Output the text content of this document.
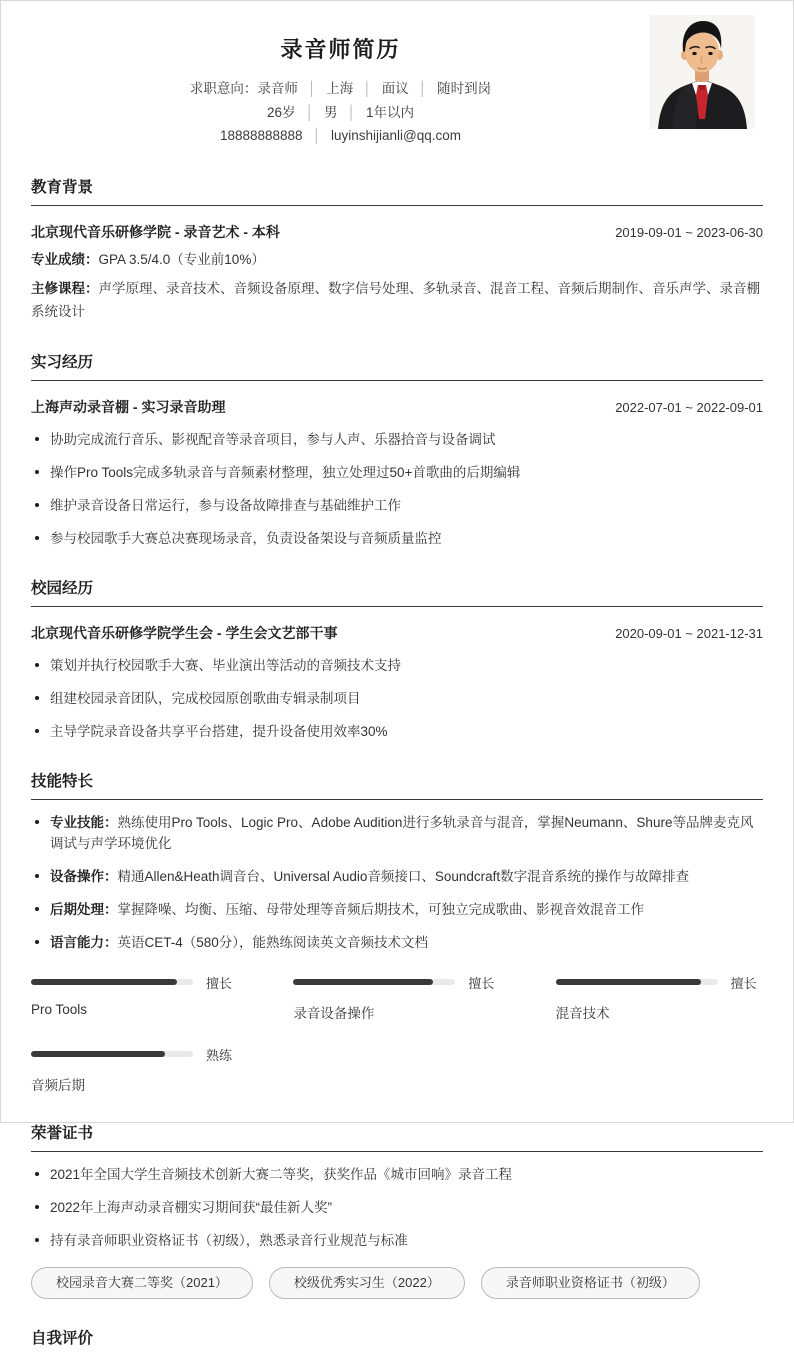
录音师简历
求职意向：录音师 │ 上海 │ 面议 │ 随时到岗
26岁 │ 男 │ 1年以内
18888888888 │ luyinshijianli@qq.com
教育背景
北京现代音乐研修学院 - 录音艺术 - 本科	2019-09-01 ~ 2023-06-30
专业成绩：GPA 3.5/4.0（专业前10%）
主修课程：声学原理、录音技术、音频设备原理、数字信号处理、多轨录音、混音工程、音频后期制作、音乐声学、录音棚系统设计
实习经历
上海声动录音棚 - 实习录音助理	2022-07-01 ~ 2022-09-01
协助完成流行音乐、影视配音等录音项目，参与人声、乐器拾音与设备调试
操作Pro Tools完成多轨录音与音频素材整理，独立处理过50+首歌曲的后期编辑
维护录音设备日常运行，参与设备故障排查与基础维护工作
参与校园歌手大赛总决赛现场录音，负责设备架设与音频质量监控
校园经历
北京现代音乐研修学院学生会 - 学生会文艺部干事	2020-09-01 ~ 2021-12-31
策划并执行校园歌手大赛、毕业演出等活动的音频技术支持
组建校园录音团队，完成校园原创歌曲专辑录制项目
主导学院录音设备共享平台搭建，提升设备使用效率30%
技能特长
专业技能：熟练使用Pro Tools、Logic Pro、Adobe Audition进行多轨录音与混音，掌握Neumann、Shure等品牌麦克风调试与声学环境优化
设备操作：精通Allen&Heath调音台、Universal Audio音频接口、Soundcraft数字混音系统的操作与故障排查
后期处理：掌握降噪、均衡、压缩、母带处理等音频后期技术，可独立完成歌曲、影视音效混音工作
语言能力：英语CET-4（580分），能熟练阅读英文音频技术文档
擅长
Pro Tools
擅长
录音设备操作
擅长
混音技术
熟练
音频后期
荣誉证书
2021年全国大学生音频技术创新大赛二等奖，获奖作品《城市回响》录音工程
2022年上海声动录音棚实习期间获“最佳新人奖”
持有录音师职业资格证书（初级），熟悉录音行业规范与标准
校园录音大赛二等奖（2021）	校级优秀实习生（2022）	录音师职业资格证书（初级）
自我评价
